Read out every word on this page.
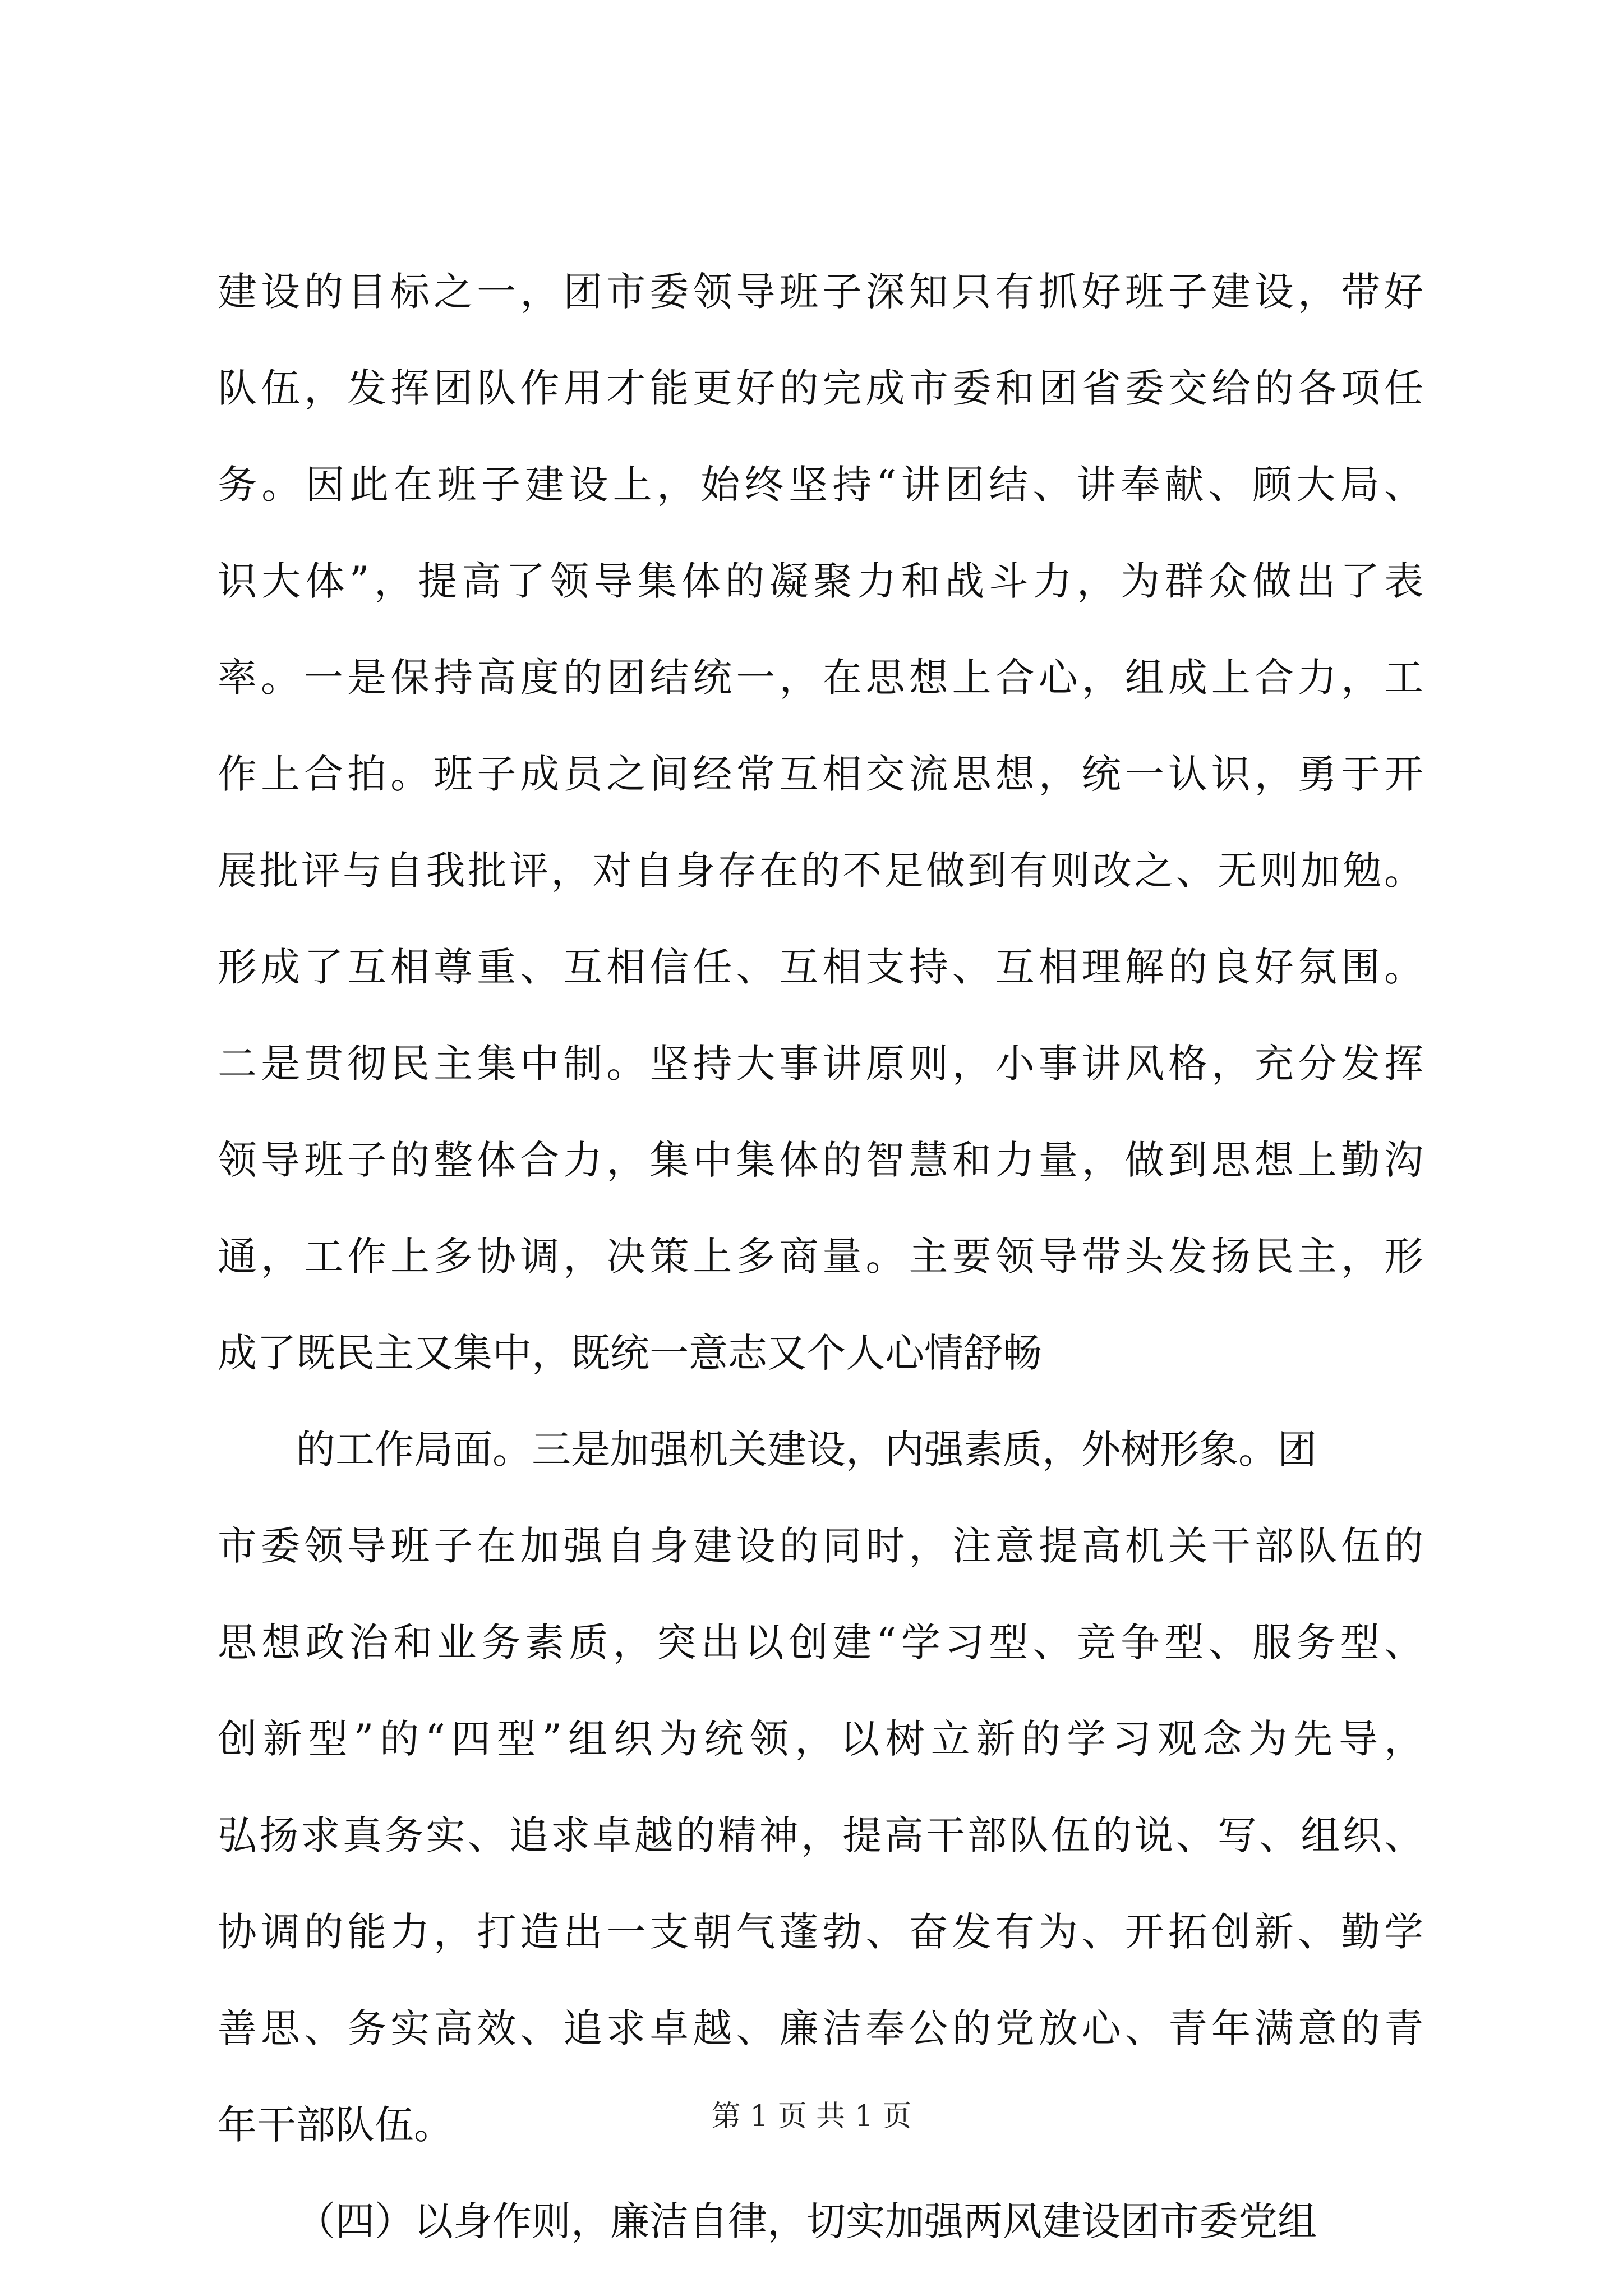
建设的目标之一，团市委领导班子深知只有抓好班子建设，带好
队伍，发挥团队作用才能更好的完成市委和团省委交给的各项任
务。因此在班子建设上，始终坚持“讲团结、讲奉献、顾大局、
识大体”，提高了领导集体的凝聚力和战斗力，为群众做出了表
率。一是保持高度的团结统一，在思想上合心，组成上合力，工
作上合拍。班子成员之间经常互相交流思想，统一认识，勇于开
展批评与自我批评，对自身存在的不足做到有则改之、无则加勉。
形成了互相尊重、互相信任、互相支持、互相理解的良好氛围。
二是贯彻民主集中制。坚持大事讲原则，小事讲风格，充分发挥
领导班子的整体合力，集中集体的智慧和力量，做到思想上勤沟
通，工作上多协调，决策上多商量。主要领导带头发扬民主，形
成了既民主又集中，既统一意志又个人心情舒畅
的工作局面。三是加强机关建设，内强素质，外树形象。团
市委领导班子在加强自身建设的同时，注意提高机关干部队伍的
思想政治和业务素质，突出以创建“学习型、竞争型、服务型、
创新型”的“四型”组织为统领，以树立新的学习观念为先导，
弘扬求真务实、追求卓越的精神，提高干部队伍的说、写、组织、
协调的能力，打造出一支朝气蓬勃、奋发有为、开拓创新、勤学
善思、务实高效、追求卓越、廉洁奉公的党放心、青年满意的青
年干部队伍。
（四）以身作则，廉洁自律，切实加强两风建设团市委党组
第 1 页 共 1 页
